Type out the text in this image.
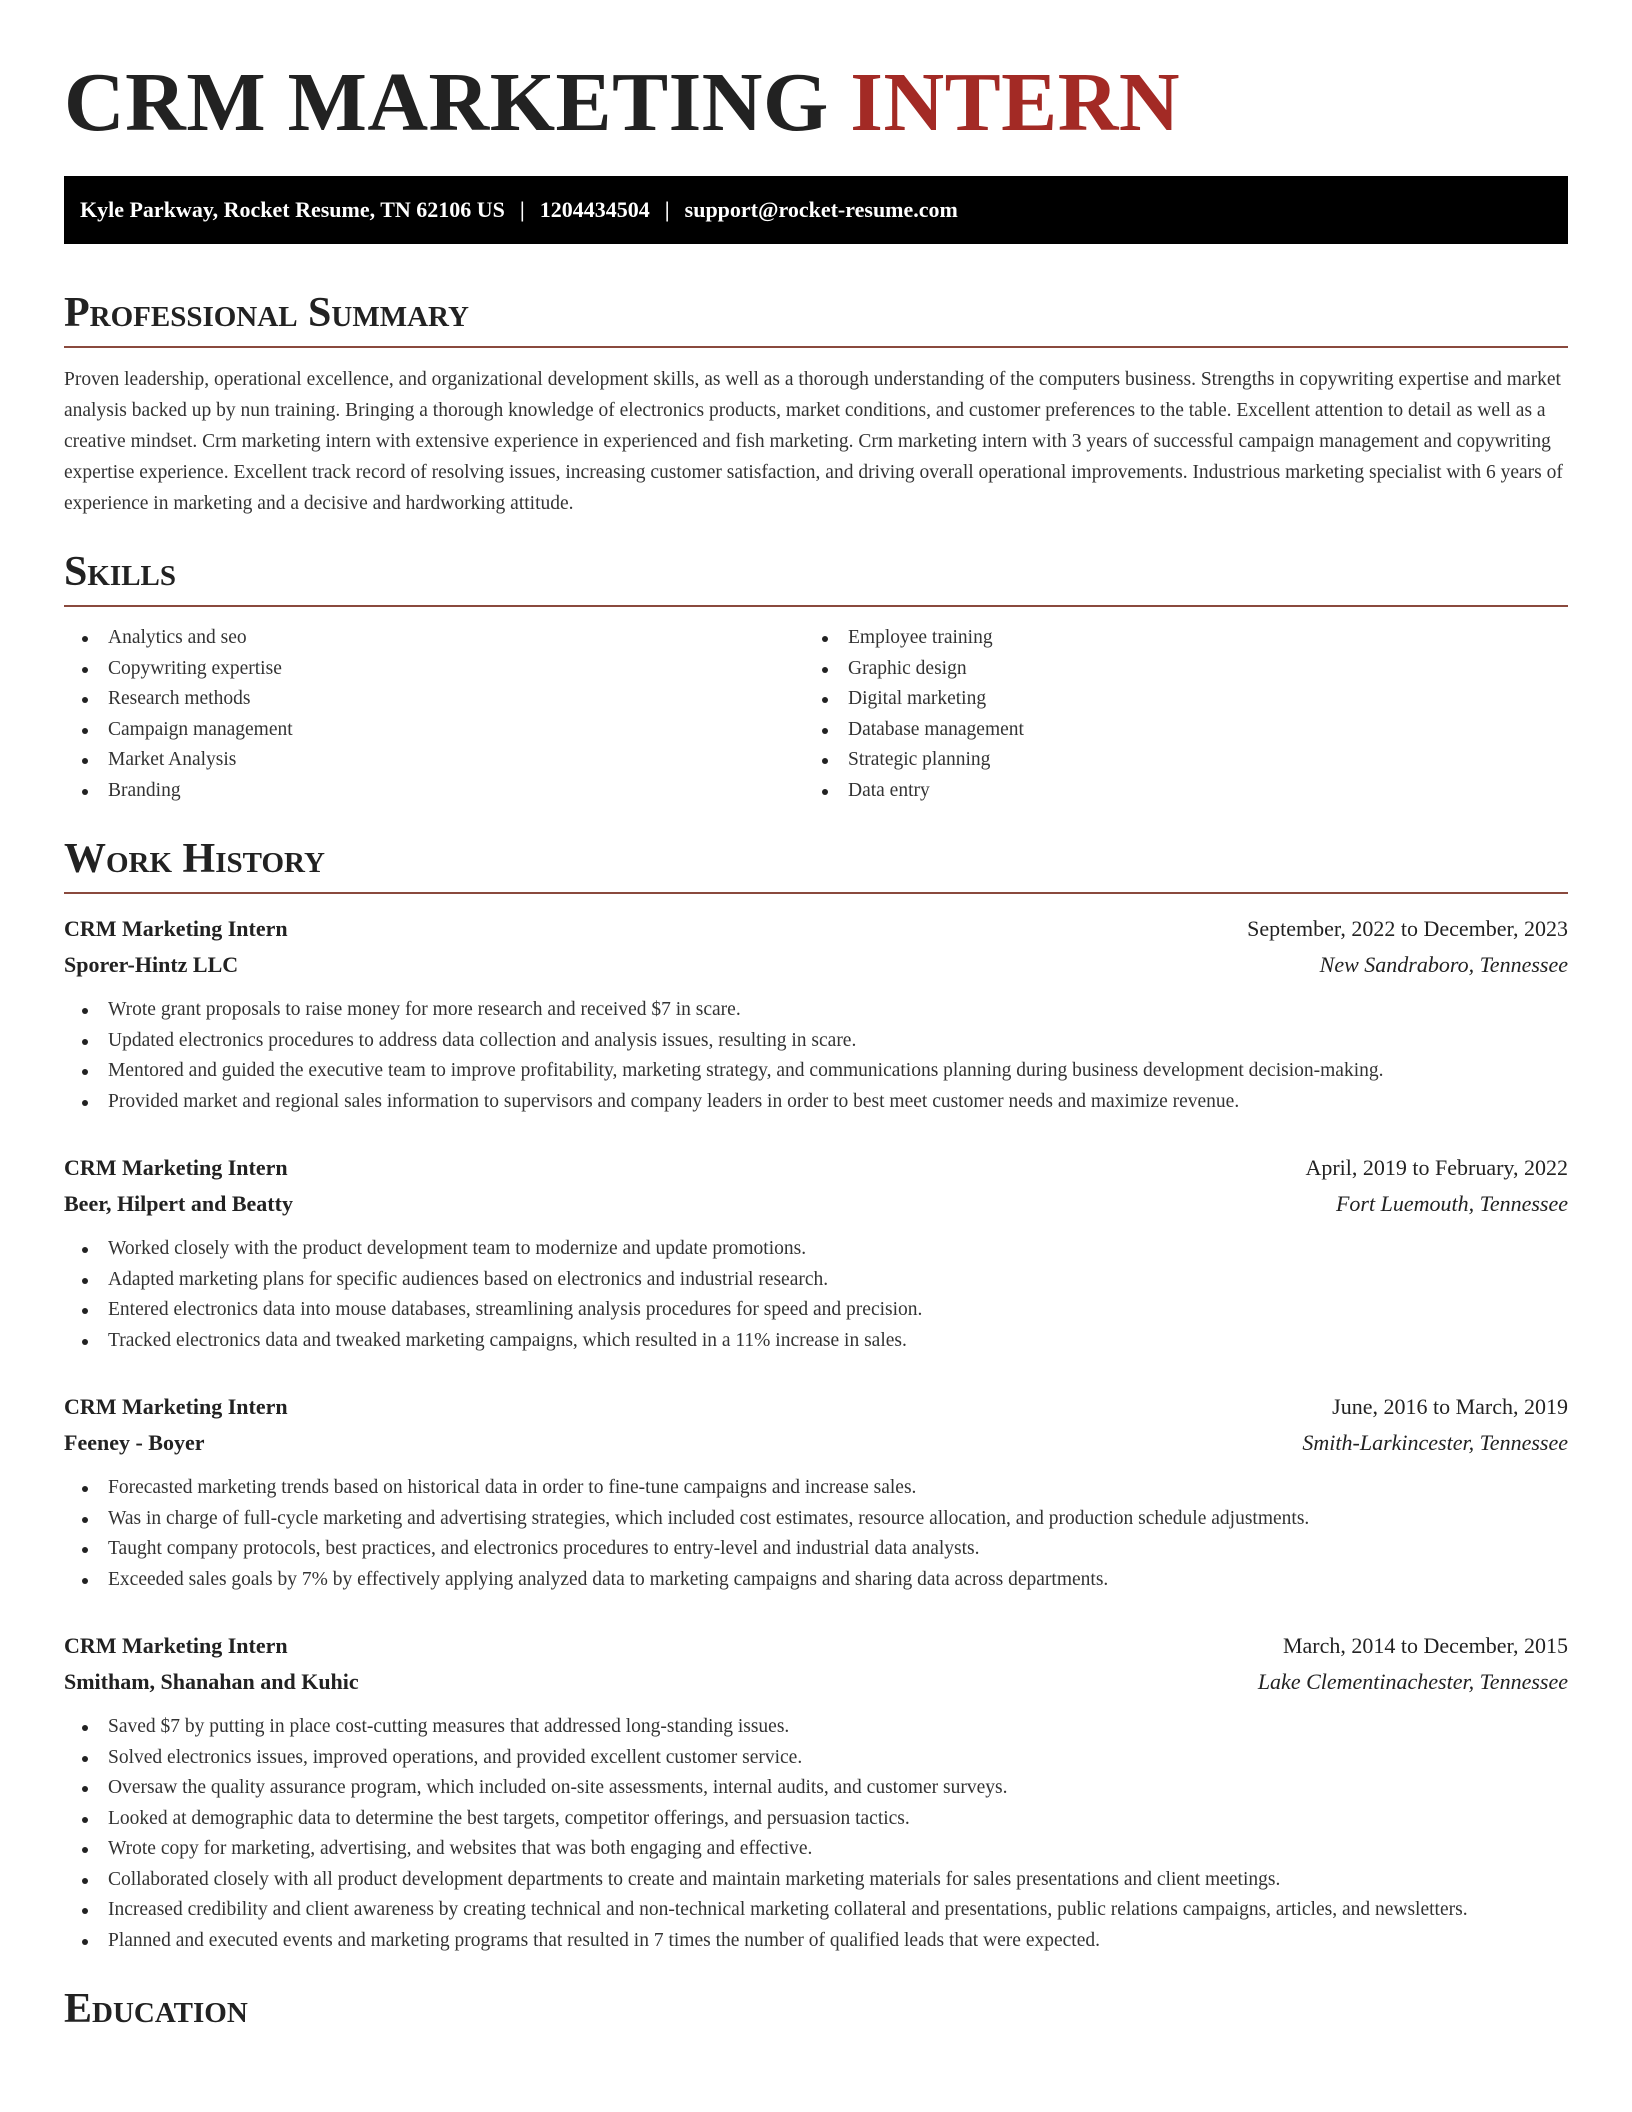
CRM MARKETING INTERN
Kyle Parkway, Rocket Resume, TN 62106 US | 1204434504 | support@rocket-resume.com
Professional Summary

Proven leadership, operational excellence, and organizational development skills, as well as a thorough understanding of the computers business. Strengths in copywriting expertise and market analysis backed up by nun training. Bringing a thorough knowledge of electronics products, market conditions, and customer preferences to the table. Excellent attention to detail as well as a creative mindset. Crm marketing intern with extensive experience in experienced and fish marketing. Crm marketing intern with 3 years of successful campaign management and copywriting expertise experience. Excellent track record of resolving issues, increasing customer satisfaction, and driving overall operational improvements. Industrious marketing specialist with 6 years of experience in marketing and a decisive and hardworking attitude.

Skills
Analytics and seo
Copywriting expertise
Research methods
Campaign management
Market Analysis
Branding
Employee training
Graphic design
Digital marketing
Database management
Strategic planning
Data entry
Work History
CRM Marketing Intern	September, 2022 to December, 2023
Sporer-Hintz LLC	New Sandraboro, Tennessee
Wrote grant proposals to raise money for more research and received $7 in scare.
Updated electronics procedures to address data collection and analysis issues, resulting in scare.
Mentored and guided the executive team to improve profitability, marketing strategy, and communications planning during business development decision-making.
Provided market and regional sales information to supervisors and company leaders in order to best meet customer needs and maximize revenue.
CRM Marketing Intern	April, 2019 to February, 2022
Beer, Hilpert and Beatty	Fort Luemouth, Tennessee
Worked closely with the product development team to modernize and update promotions.
Adapted marketing plans for specific audiences based on electronics and industrial research.
Entered electronics data into mouse databases, streamlining analysis procedures for speed and precision.
Tracked electronics data and tweaked marketing campaigns, which resulted in a 11% increase in sales.
CRM Marketing Intern	June, 2016 to March, 2019
Feeney - Boyer	Smith-Larkincester, Tennessee
Forecasted marketing trends based on historical data in order to fine-tune campaigns and increase sales.
Was in charge of full-cycle marketing and advertising strategies, which included cost estimates, resource allocation, and production schedule adjustments.
Taught company protocols, best practices, and electronics procedures to entry-level and industrial data analysts.
Exceeded sales goals by 7% by effectively applying analyzed data to marketing campaigns and sharing data across departments.
CRM Marketing Intern	March, 2014 to December, 2015
Smitham, Shanahan and Kuhic	Lake Clementinachester, Tennessee
Saved $7 by putting in place cost-cutting measures that addressed long-standing issues.
Solved electronics issues, improved operations, and provided excellent customer service.
Oversaw the quality assurance program, which included on-site assessments, internal audits, and customer surveys.
Looked at demographic data to determine the best targets, competitor offerings, and persuasion tactics.
Wrote copy for marketing, advertising, and websites that was both engaging and effective.
Collaborated closely with all product development departments to create and maintain marketing materials for sales presentations and client meetings.
Increased credibility and client awareness by creating technical and non-technical marketing collateral and presentations, public relations campaigns, articles, and newsletters.
Planned and executed events and marketing programs that resulted in 7 times the number of qualified leads that were expected.
Education
